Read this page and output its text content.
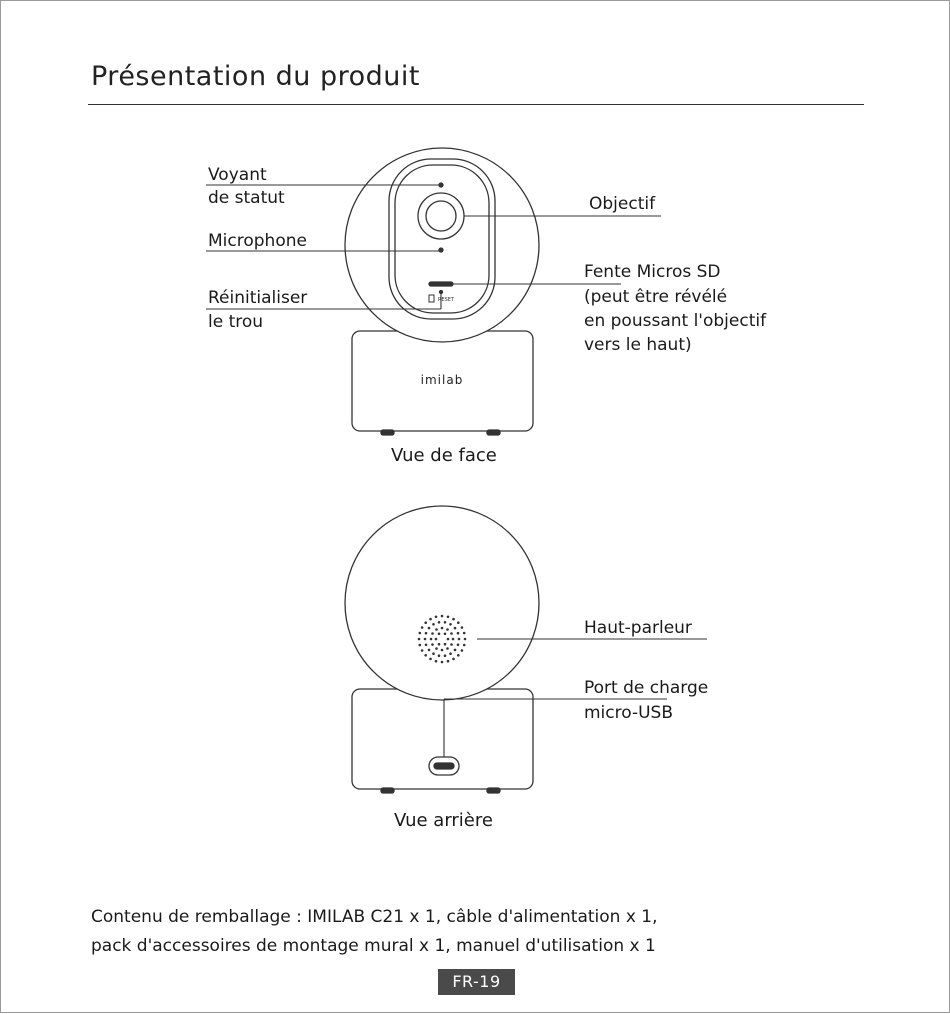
Présentation du produit
RESET
imilab
Voyant
de statut
Microphone
Réinitialiser
le trou
Objectif
Fente Micros SD
(peut être révélé
en poussant l'objectif
vers le haut)
Vue de face
Haut-parleur
Port de charge
micro-USB
Vue arrière
Contenu de remballage : IMILAB C21 x 1, câble d'alimentation x 1,
pack d'accessoires de montage mural x 1, manuel d'utilisation x 1
FR-19
